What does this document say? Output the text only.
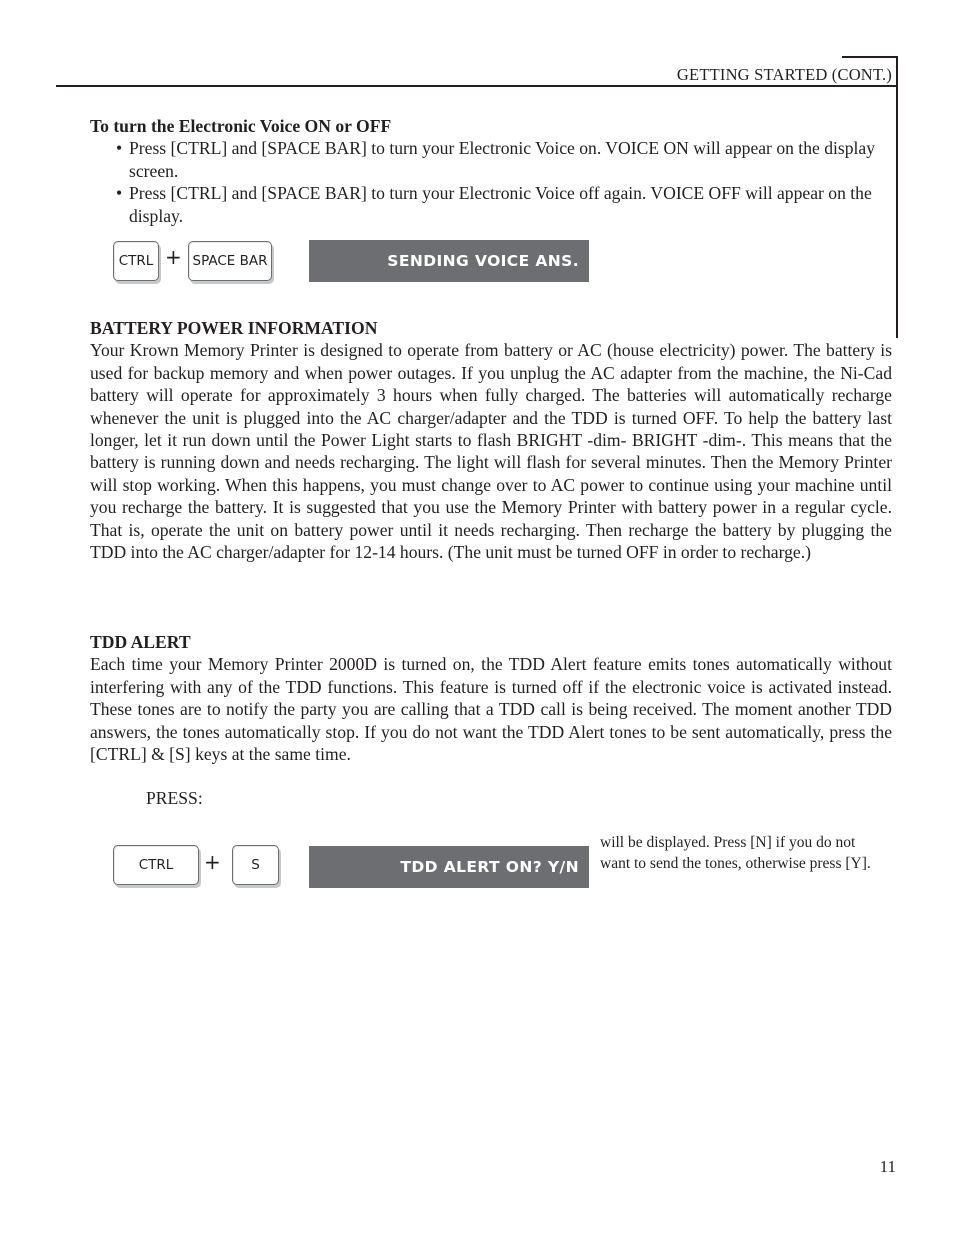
GETTING STARTED (CONT.)
To turn the Electronic Voice ON or OFF
• Press [CTRL] and [SPACE BAR] to turn your Electronic Voice on. VOICE ON will appear on the display screen.
• Press [CTRL] and [SPACE BAR] to turn your Electronic Voice off again. VOICE OFF will appear on the display.
CTRL + SPACE BAR	SENDING VOICE ANS.
BATTERY POWER INFORMATION

Your Krown Memory Printer is designed to operate from battery or AC (house electricity) power. The battery is used for backup memory and when power outages. If you unplug the AC adapter from the machine, the Ni-Cad battery will operate for approximately 3 hours when fully charged. The batteries will automatically recharge whenever the unit is plugged into the AC charger/adapter and the TDD is turned OFF. To help the battery last longer, let it run down until the Power Light starts to flash BRIGHT -dim- BRIGHT -dim-. This means that the battery is running down and needs recharging. The light will flash for several minutes. Then the Memory Printer will stop working. When this happens, you must change over to AC power to continue using your machine until you recharge the battery. It is suggested that you use the Memory Printer with battery power in a regular cycle. That is, operate the unit on battery power until it needs recharging. Then recharge the battery by plugging the TDD into the AC charger/adapter for 12-14 hours. (The unit must be turned OFF in order to recharge.)

TDD ALERT

Each time your Memory Printer 2000D is turned on, the TDD Alert feature emits tones automatically without interfering with any of the TDD functions. This feature is turned off if the electronic voice is activated instead. These tones are to notify the party you are calling that a TDD call is being received. The moment another TDD answers, the tones automatically stop. If you do not want the TDD Alert tones to be sent automatically, press the [CTRL] & [S] keys at the same time.

PRESS:
CTRL	+	S	TDD ALERT ON? Y/N
will be displayed. Press [N] if you do not want to send the tones, otherwise press [Y].
11
